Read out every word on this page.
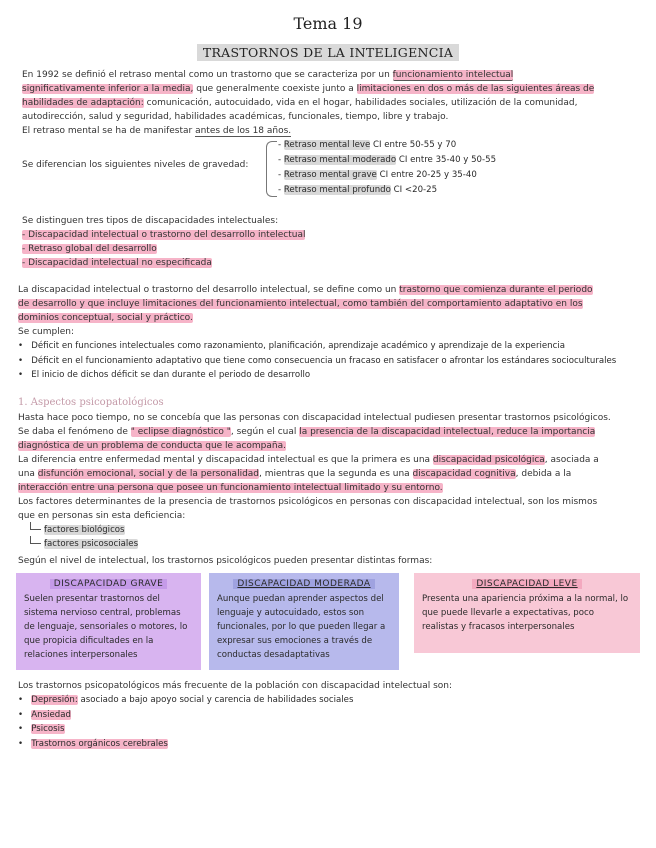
Tema 19
TRASTORNOS DE LA INTELIGENCIA
En 1992 se definió el retraso mental como un trastorno que se caracteriza por un funcionamiento intelectual
significativamente inferior a la media, que generalmente coexiste junto a limitaciones en dos o más de las siguientes áreas de
habilidades de adaptación: comunicación, autocuidado, vida en el hogar, habilidades sociales, utilización de la comunidad,
autodirección, salud y seguridad, habilidades académicas, funcionales, tiempo, libre y trabajo.
El retraso mental se ha de manifestar antes de los 18 años.
Se diferencian los siguientes niveles de gravedad:
- Retraso mental leve CI entre 50-55 y 70
- Retraso mental moderado CI entre 35-40 y 50-55
- Retraso mental grave CI entre 20-25 y 35-40
- Retraso mental profundo CI <20-25
Se distinguen tres tipos de discapacidades intelectuales:
- Discapacidad intelectual o trastorno del desarrollo intelectual
- Retraso global del desarrollo
- Discapacidad intelectual no especificada
La discapacidad intelectual o trastorno del desarrollo intelectual, se define como un trastorno que comienza durante el periodo
de desarrollo y que incluye limitaciones del funcionamiento intelectual, como también del comportamiento adaptativo en los
dominios conceptual, social y práctico.
Se cumplen:
• Déficit en funciones intelectuales como razonamiento, planificación, aprendizaje académico y aprendizaje de la experiencia
• Déficit en el funcionamiento adaptativo que tiene como consecuencia un fracaso en satisfacer o afrontar los estándares socioculturales
• El inicio de dichos déficit se dan durante el periodo de desarrollo
1. Aspectos psicopatológicos
Hasta hace poco tiempo, no se concebía que las personas con discapacidad intelectual pudiesen presentar trastornos psicológicos.
Se daba el fenómeno de " eclipse diagnóstico ", según el cual la presencia de la discapacidad intelectual, reduce la importancia
diagnóstica de un problema de conducta que le acompaña.
La diferencia entre enfermedad mental y discapacidad intelectual es que la primera es una discapacidad psicológica, asociada a
una disfunción emocional, social y de la personalidad, mientras que la segunda es una discapacidad cognitiva, debida a la
interacción entre una persona que posee un funcionamiento intelectual limitado y su entorno.
Los factores determinantes de la presencia de trastornos psicológicos en personas con discapacidad intelectual, son los mismos
que en personas sin esta deficiencia:
factores biológicos
factores psicosociales
Según el nivel de intelectual, los trastornos psicológicos pueden presentar distintas formas:
DISCAPACIDAD GRAVE
Suelen presentar trastornos del sistema nervioso central, problemas de lenguaje, sensoriales o motores, lo que propicia dificultades en la relaciones interpersonales
DISCAPACIDAD MODERADA
Aunque puedan aprender aspectos del lenguaje y autocuidado, estos son funcionales, por lo que pueden llegar a expresar sus emociones a través de conductas desadaptativas
DISCAPACIDAD LEVE
Presenta una apariencia próxima a la normal, lo que puede llevarle a expectativas, poco realistas y fracasos interpersonales
Los trastornos psicopatológicos más frecuente de la población con discapacidad intelectual son:
• Depresión: asociado a bajo apoyo social y carencia de habilidades sociales
• Ansiedad
• Psicosis
• Trastornos orgánicos cerebrales
